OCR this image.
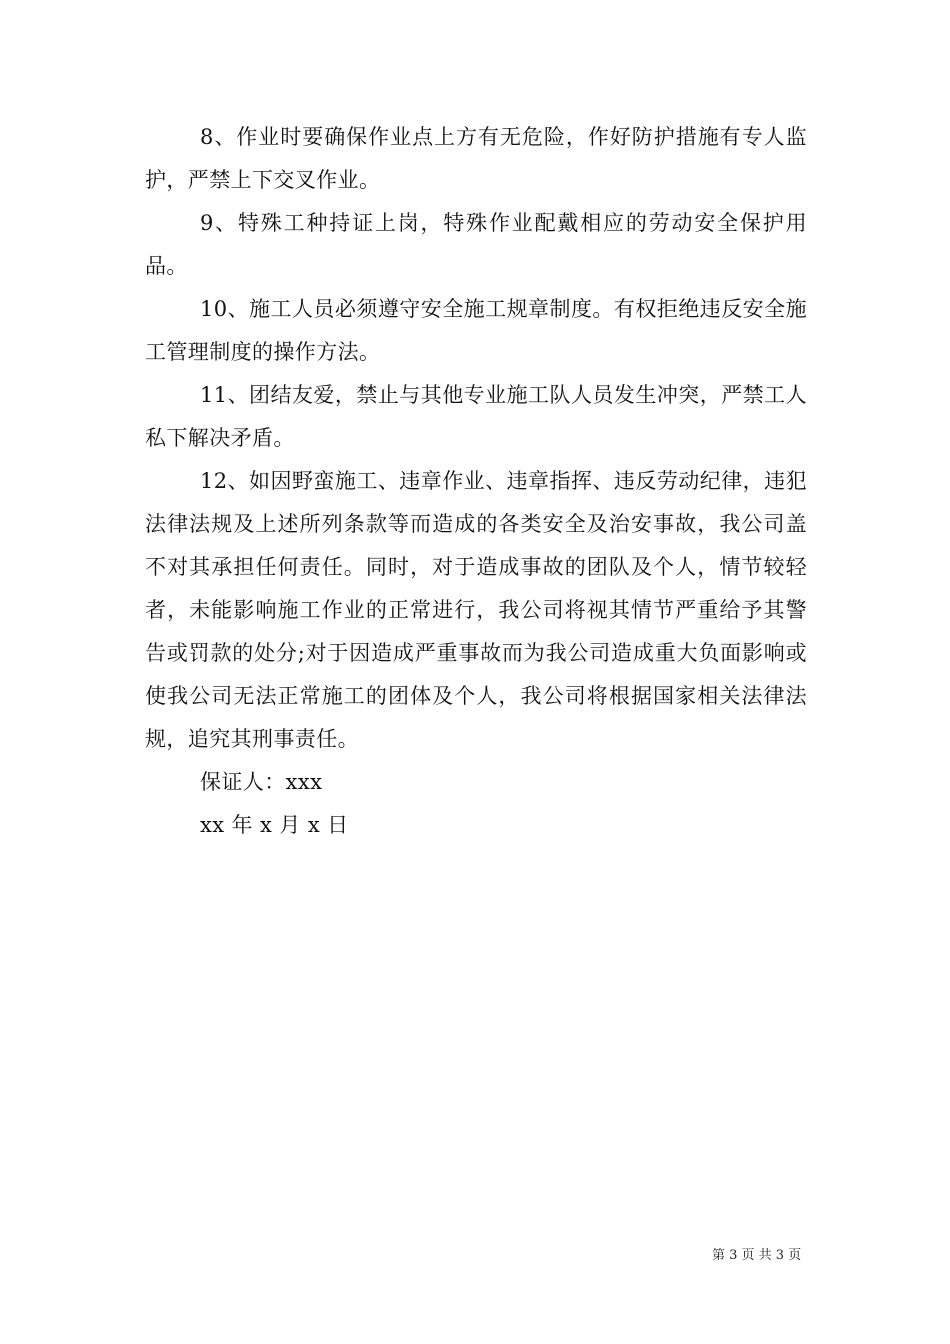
8、作业时要确保作业点上方有无危险，作好防护措施有专人监护，严禁上下交叉作业。

9、特殊工种持证上岗，特殊作业配戴相应的劳动安全保护用品。

10、施工人员必须遵守安全施工规章制度。有权拒绝违反安全施工管理制度的操作方法。

11、团结友爱，禁止与其他专业施工队人员发生冲突，严禁工人私下解决矛盾。

12、如因野蛮施工、违章作业、违章指挥、违反劳动纪律，违犯法律法规及上述所列条款等而造成的各类安全及治安事故，我公司盖不对其承担任何责任。同时，对于造成事故的团队及个人，情节较轻者，未能影响施工作业的正常进行，我公司将视其情节严重给予其警告或罚款的处分;对于因造成严重事故而为我公司造成重大负面影响或使我公司无法正常施工的团体及个人，我公司将根据国家相关法律法规，追究其刑事责任。

保证人：xxx

xx 年 x 月 x 日

第 3 页 共 3 页
